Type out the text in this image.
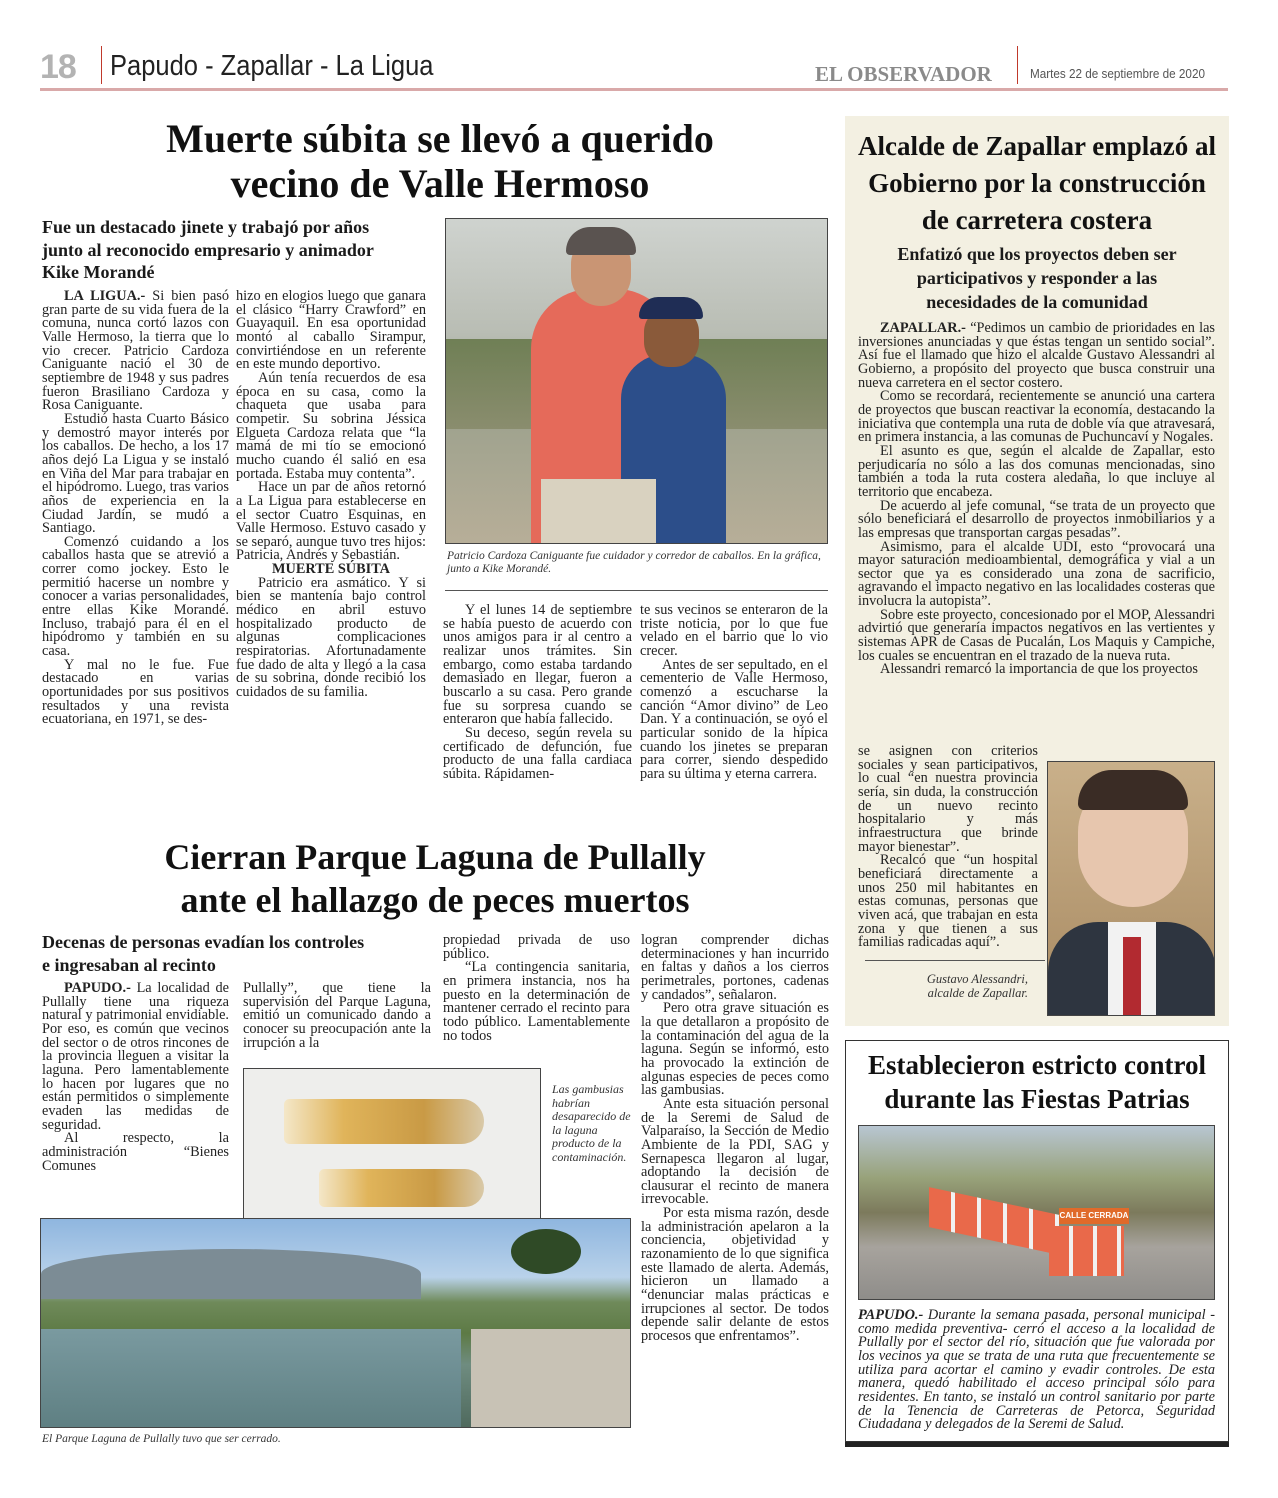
18 Papudo - Zapallar - La Ligua	EL OBSERVADOR	Martes 22 de septiembre de 2020
Muerte súbita se llevó a querido
vecino de Valle Hermoso
Fue un destacado jinete y trabajó por años junto al reconocido empresario y animador Kike Morandé

LA LIGUA.- Si bien pasó gran parte de su vida fuera de la comuna, nunca cortó lazos con Valle Hermoso, la tierra que lo vio crecer. Patricio Cardoza Caniguante nació el 30 de septiembre de 1948 y sus padres fueron Brasiliano Cardoza y Rosa Caniguante.

Estudió hasta Cuarto Básico y demostró mayor interés por los caballos. De hecho, a los 17 años dejó La Ligua y se instaló en Viña del Mar para trabajar en el hipódromo. Luego, tras varios años de experiencia en la Ciudad Jardín, se mudó a Santiago.

Comenzó cuidando a los caballos hasta que se atrevió a correr como jockey. Esto le permitió hacerse un nombre y conocer a varias personalidades, entre ellas Kike Morandé. Incluso, trabajó para él en el hipódromo y también en su casa.

Y mal no le fue. Fue destacado en varias oportunidades por sus positivos resultados y una revista ecuatoriana, en 1971, se des-

hizo en elogios luego que ganara el clásico “Harry Crawford” en Guayaquil. En esa oportunidad montó al caballo Sirampur, convirtiéndose en un referente en este mundo deportivo.

Aún tenía recuerdos de esa época en su casa, como la chaqueta que usaba para competir. Su sobrina Jéssica Elgueta Cardoza relata que “la mamá de mi tío se emocionó mucho cuando él salió en esa portada. Estaba muy contenta”.

Hace un par de años retornó a La Ligua para establecerse en el sector Cuatro Esquinas, en Valle Hermoso. Estuvo casado y se separó, aunque tuvo tres hijos: Patricia, Andrés y Sebastián.

MUERTE SÚBITA

Patricio era asmático. Y si bien se mantenía bajo control médico en abril estuvo hospitalizado producto de algunas complicaciones respiratorias. Afortunadamente fue dado de alta y llegó a la casa de su sobrina, donde recibió los cuidados de su familia.

Patricio Cardoza Caniguante fue cuidador y corredor de caballos. En la gráfica, junto a Kike Morandé.

Y el lunes 14 de septiembre se había puesto de acuerdo con unos amigos para ir al centro a realizar unos trámites. Sin embargo, como estaba tardando demasiado en llegar, fueron a buscarlo a su casa. Pero grande fue su sorpresa cuando se enteraron que había fallecido.

Su deceso, según revela su certificado de defunción, fue producto de una falla cardiaca súbita. Rápidamen-

te sus vecinos se enteraron de la triste noticia, por lo que fue velado en el barrio que lo vio crecer.

Antes de ser sepultado, en el cementerio de Valle Hermoso, comenzó a escucharse la canción “Amor divino” de Leo Dan. Y a continuación, se oyó el particular sonido de la hípica cuando los jinetes se preparan para correr, siendo despedido para su última y eterna carrera.

Alcalde de Zapallar emplazó al
Gobierno por la construcción
de carretera costera
Enfatizó que los proyectos deben ser participativos y responder a las necesidades de la comunidad

ZAPALLAR.- “Pedimos un cambio de prioridades en las inversiones anunciadas y que éstas tengan un sentido social”. Así fue el llamado que hizo el alcalde Gustavo Alessandri al Gobierno, a propósito del proyecto que busca construir una nueva carretera en el sector costero.

Como se recordará, recientemente se anunció una cartera de proyectos que buscan reactivar la economía, destacando la iniciativa que contempla una ruta de doble vía que atravesará, en primera instancia, a las comunas de Puchuncaví y Nogales.

El asunto es que, según el alcalde de Zapallar, esto perjudicaría no sólo a las dos comunas mencionadas, sino también a toda la ruta costera aledaña, lo que incluye al territorio que encabeza.

De acuerdo al jefe comunal, “se trata de un proyecto que sólo beneficiará el desarrollo de proyectos inmobiliarios y a las empresas que transportan cargas pesadas”.

Asimismo, para el alcalde UDI, esto “provocará una mayor saturación medioambiental, demográfica y vial a un sector que ya es considerado una zona de sacrificio, agravando el impacto negativo en las localidades costeras que involucra la autopista”.

Sobre este proyecto, concesionado por el MOP, Alessandri advirtió que generaría impactos negativos en las vertientes y sistemas APR de Casas de Pucalán, Los Maquis y Campiche, los cuales se encuentran en el trazado de la nueva ruta.

Alessandri remarcó la importancia de que los proyectos

se asignen con criterios sociales y sean participativos, lo cual “en nuestra provincia sería, sin duda, la construcción de un nuevo recinto hospitalario y más infraestructura que brinde mayor bienestar”.

Recalcó que “un hospital beneficiará directamente a unos 250 mil habitantes en estas comunas, personas que viven acá, que trabajan en esta zona y que tienen a sus familias radicadas aquí”.

Gustavo Alessandri,
alcalde de Zapallar.
Cierran Parque Laguna de Pullally
ante el hallazgo de peces muertos
Decenas de personas evadían los controles e ingresaban al recinto

PAPUDO.- La localidad de Pullally tiene una riqueza natural y patrimonial envidiable. Por eso, es común que vecinos del sector o de otros rincones de la provincia lleguen a visitar la laguna. Pero lamentablemente lo hacen por lugares que no están permitidos o simplemente evaden las medidas de seguridad.

Al respecto, la administración “Bienes Comunes

Pullally”, que tiene la supervisión del Parque Laguna, emitió un comunicado dando a conocer su preocupación ante la irrupción a la

propiedad privada de uso público.

“La contingencia sanitaria, en primera instancia, nos ha puesto en la determinación de mantener cerrado el recinto para todo público. Lamentablemente no todos

logran comprender dichas determinaciones y han incurrido en faltas y daños a los cierros perimetrales, portones, cadenas y candados”, señalaron.

Pero otra grave situación es la que detallaron a propósito de la contaminación del agua de la laguna. Según se informó, esto ha provocado la extinción de algunas especies de peces como las gambusias.

Ante esta situación personal de la Seremi de Salud de Valparaíso, la Sección de Medio Ambiente de la PDI, SAG y Sernapesca llegaron al lugar, adoptando la decisión de clausurar el recinto de manera irrevocable.

Por esta misma razón, desde la administración apelaron a la conciencia, objetividad y razonamiento de lo que significa este llamado de alerta. Además, hicieron un llamado a “denunciar malas prácticas e irrupciones al sector. De todos depende salir delante de estos procesos que enfrentamos”.

Las gambusias habrían desaparecido de la laguna producto de la contaminación.
El Parque Laguna de Pullally tuvo que ser cerrado.
Establecieron estricto control
durante las Fiestas Patrias
CALLE CERRADA

PAPUDO.- Durante la semana pasada, personal municipal -como medida preventiva- cerró el acceso a la localidad de Pullally por el sector del río, situación que fue valorada por los vecinos ya que se trata de una ruta que frecuentemente se utiliza para acortar el camino y evadir controles. De esta manera, quedó habilitado el acceso principal sólo para residentes. En tanto, se instaló un control sanitario por parte de la Tenencia de Carreteras de Petorca, Seguridad Ciudadana y delegados de la Seremi de Salud.
